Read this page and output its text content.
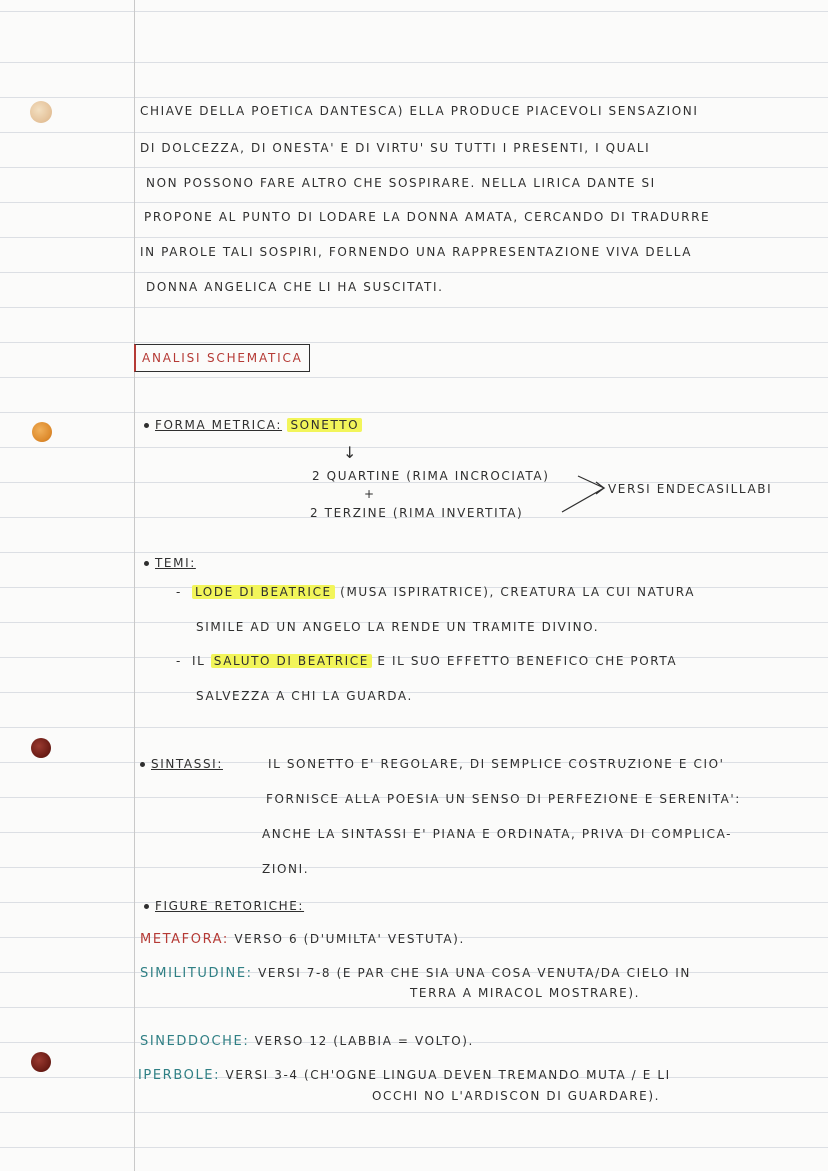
CHIAVE DELLA POETICA DANTESCA) ELLA PRODUCE PIACEVOLI SENSAZIONI
DI DOLCEZZA, DI ONESTA' E DI VIRTU' SU TUTTI I PRESENTI, I QUALI
NON POSSONO FARE ALTRO CHE SOSPIRARE. NELLA LIRICA DANTE SI
PROPONE AL PUNTO DI LODARE LA DONNA AMATA, CERCANDO DI TRADURRE
IN PAROLE TALI SOSPIRI, FORNENDO UNA RAPPRESENTAZIONE VIVA DELLA
DONNA ANGELICA CHE LI HA SUSCITATI.
ANALISI SCHEMATICA
FORMA METRICA: SONETTO
↓
2 QUARTINE (RIMA INCROCIATA)
+
2 TERZINE (RIMA INVERTITA)
VERSI ENDECASILLABI
TEMI:
- LODE DI BEATRICE (MUSA ISPIRATRICE), CREATURA LA CUI NATURA
SIMILE AD UN ANGELO LA RENDE UN TRAMITE DIVINO.
- IL SALUTO DI BEATRICE E IL SUO EFFETTO BENEFICO CHE PORTA
SALVEZZA A CHI LA GUARDA.
SINTASSI:	IL SONETTO E' REGOLARE, DI SEMPLICE COSTRUZIONE E CIO'
FORNISCE ALLA POESIA UN SENSO DI PERFEZIONE E SERENITA':
ANCHE LA SINTASSI E' PIANA E ORDINATA, PRIVA DI COMPLICA-
ZIONI.
FIGURE RETORICHE:
METAFORA: VERSO 6 (D'UMILTA' VESTUTA).
SIMILITUDINE: VERSI 7-8 (E PAR CHE SIA UNA COSA VENUTA/DA CIELO IN
TERRA A MIRACOL MOSTRARE).
SINEDDOCHE: VERSO 12 (LABBIA = VOLTO).
IPERBOLE: VERSI 3-4 (CH'OGNE LINGUA DEVEN TREMANDO MUTA / E LI
OCCHI NO L'ARDISCON DI GUARDARE).
